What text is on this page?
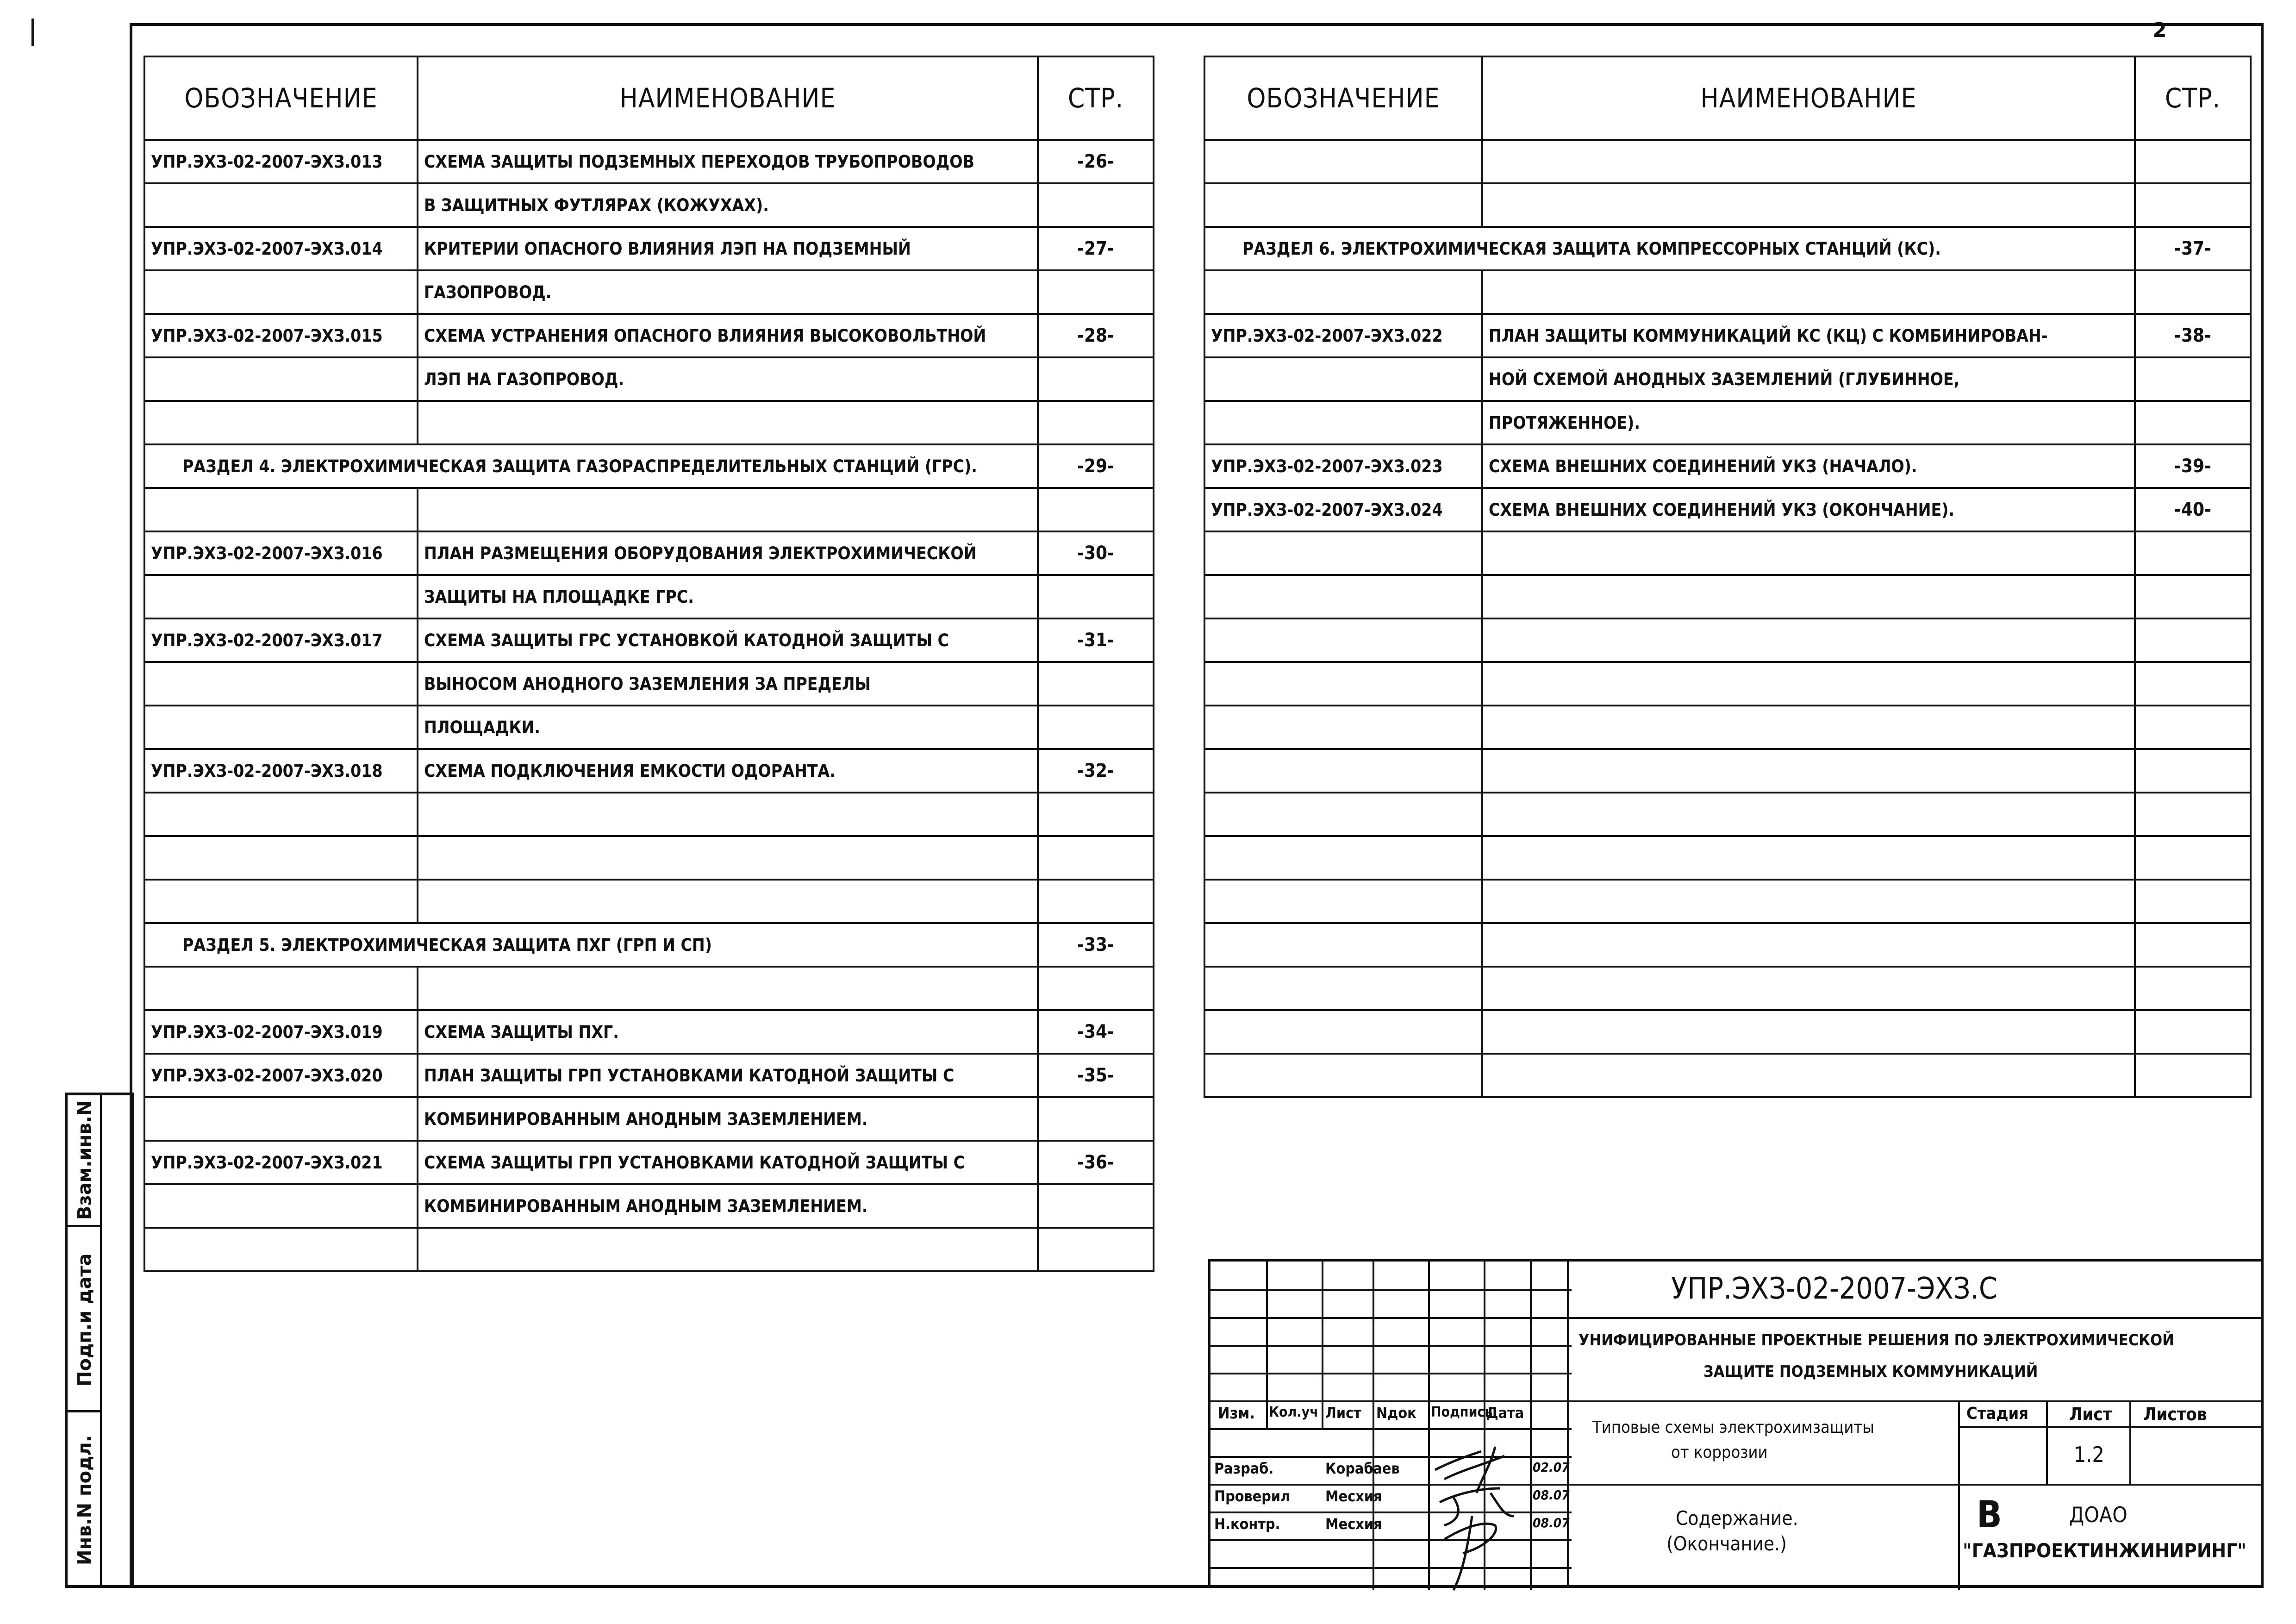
2
Взам.инв.N
Подп.и дата
Инв.N подл.
ОБОЗНАЧЕНИЕ	НАИМЕНОВАНИЕ	СТР.
УПР.ЭХЗ-02-2007-ЭХЗ.013	СХЕМА ЗАЩИТЫ ПОДЗЕМНЫХ ПЕРЕХОДОВ ТРУБОПРОВОДОВ	-26-
	В ЗАЩИТНЫХ ФУТЛЯРАХ (КОЖУХАХ).	
УПР.ЭХЗ-02-2007-ЭХЗ.014	КРИТЕРИИ ОПАСНОГО ВЛИЯНИЯ ЛЭП НА ПОДЗЕМНЫЙ	-27-
	ГАЗОПРОВОД.	
УПР.ЭХЗ-02-2007-ЭХЗ.015	СХЕМА УСТРАНЕНИЯ ОПАСНОГО ВЛИЯНИЯ ВЫСОКОВОЛЬТНОЙ	-28-
	ЛЭП НА ГАЗОПРОВОД.	

РАЗДЕЛ 4. ЭЛЕКТРОХИМИЧЕСКАЯ ЗАЩИТА ГАЗОРАСПРЕДЕЛИТЕЛЬНЫХ СТАНЦИЙ (ГРС).		-29-

УПР.ЭХЗ-02-2007-ЭХЗ.016	ПЛАН РАЗМЕЩЕНИЯ ОБОРУДОВАНИЯ ЭЛЕКТРОХИМИЧЕСКОЙ	-30-
	ЗАЩИТЫ НА ПЛОЩАДКЕ ГРС.	
УПР.ЭХЗ-02-2007-ЭХЗ.017	СХЕМА ЗАЩИТЫ ГРС УСТАНОВКОЙ КАТОДНОЙ ЗАЩИТЫ С	-31-
	ВЫНОСОМ АНОДНОГО ЗАЗЕМЛЕНИЯ ЗА ПРЕДЕЛЫ	
	ПЛОЩАДКИ.	
УПР.ЭХЗ-02-2007-ЭХЗ.018	СХЕМА ПОДКЛЮЧЕНИЯ ЕМКОСТИ ОДОРАНТА.	-32-

РАЗДЕЛ 5. ЭЛЕКТРОХИМИЧЕСКАЯ ЗАЩИТА ПХГ (ГРП И СП)		-33-

УПР.ЭХЗ-02-2007-ЭХЗ.019	СХЕМА ЗАЩИТЫ ПХГ.	-34-
УПР.ЭХЗ-02-2007-ЭХЗ.020	ПЛАН ЗАЩИТЫ ГРП УСТАНОВКАМИ КАТОДНОЙ ЗАЩИТЫ С	-35-
	КОМБИНИРОВАННЫМ АНОДНЫМ ЗАЗЕМЛЕНИЕМ.	
УПР.ЭХЗ-02-2007-ЭХЗ.021	СХЕМА ЗАЩИТЫ ГРП УСТАНОВКАМИ КАТОДНОЙ ЗАЩИТЫ С	-36-
	КОМБИНИРОВАННЫМ АНОДНЫМ ЗАЗЕМЛЕНИЕМ.	

ОБОЗНАЧЕНИЕ	НАИМЕНОВАНИЕ	СТР.

РАЗДЕЛ 6. ЭЛЕКТРОХИМИЧЕСКАЯ ЗАЩИТА КОМПРЕССОРНЫХ СТАНЦИЙ (КС).		-37-

УПР.ЭХЗ-02-2007-ЭХЗ.022	ПЛАН ЗАЩИТЫ КОММУНИКАЦИЙ КС (КЦ) С КОМБИНИРОВАН-	-38-
	НОЙ СХЕМОЙ АНОДНЫХ ЗАЗЕМЛЕНИЙ (ГЛУБИННОЕ,	
	ПРОТЯЖЕННОЕ).	
УПР.ЭХЗ-02-2007-ЭХЗ.023	СХЕМА ВНЕШНИХ СОЕДИНЕНИЙ УКЗ (НАЧАЛО).	-39-
УПР.ЭХЗ-02-2007-ЭХЗ.024	СХЕМА ВНЕШНИХ СОЕДИНЕНИЙ УКЗ (ОКОНЧАНИЕ).	-40-

Изм. Кол.уч Лист Nдок Подпись
Дата
Разраб.	Корабаев	02.07
Проверил Месхия	08.07
Н.контр.	Месхия	08.07
УПР.ЭХЗ-02-2007-ЭХЗ.С
УНИФИЦИРОВАННЫЕ ПРОЕКТНЫЕ РЕШЕНИЯ ПО ЭЛЕКТРОХИМИЧЕСКОЙ
ЗАЩИТЕ ПОДЗЕМНЫХ КОММУНИКАЦИЙ
Типовые схемы электрохимзащиты
от коррозии
Стадия Лист Листов
1.2
Содержание.
(Окончание.)
B	ДОАО
"ГАЗПРОЕКТИНЖИНИРИНГ"
